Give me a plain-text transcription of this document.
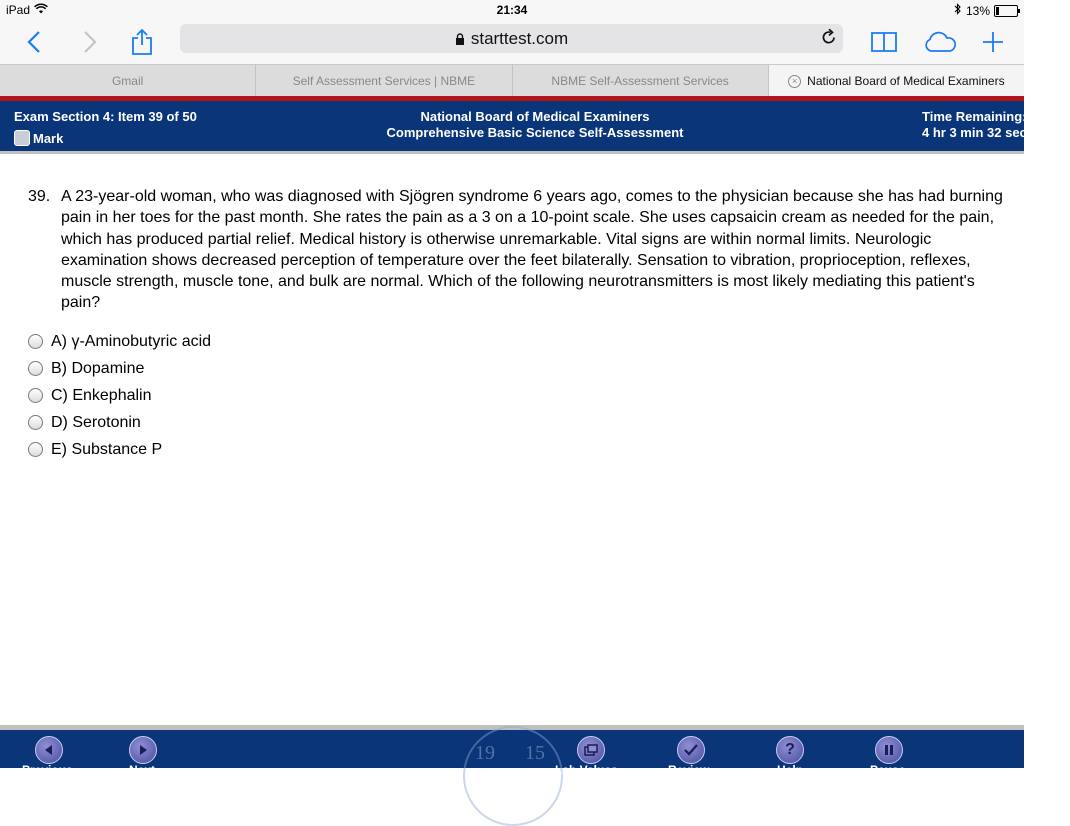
iPad	21:34	13%
starttest.com
Gmail	Self Assessment Services | NBME	NBME Self-Assessment Services	× National Board of Medical Examiners
Exam Section 4: Item 39 of 50
Mark
National Board of Medical Examiners
Comprehensive Basic Science Self-Assessment
Time Remaining:
4 hr 3 min 32 sec
39. A 23-year-old woman, who was diagnosed with Sjögren syndrome 6 years ago, comes to the physician because she has had burning pain in her toes for the past month. She rates the pain as a 3 on a 10-point scale. She uses capsaicin cream as needed for the pain, which has produced partial relief. Medical history is otherwise unremarkable. Vital signs are within normal limits. Neurologic examination shows decreased perception of temperature over the feet bilaterally. Sensation to vibration, proprioception, reflexes, muscle strength, muscle tone, and bulk are normal. Which of the following neurotransmitters is most likely mediating this patient's pain?
A) γ-Aminobutyric acid
B) Dopamine
C) Enkephalin
D) Serotonin
E) Substance P
19 15
Previous	Next	Lab Values	Review
?
Help	Pause
